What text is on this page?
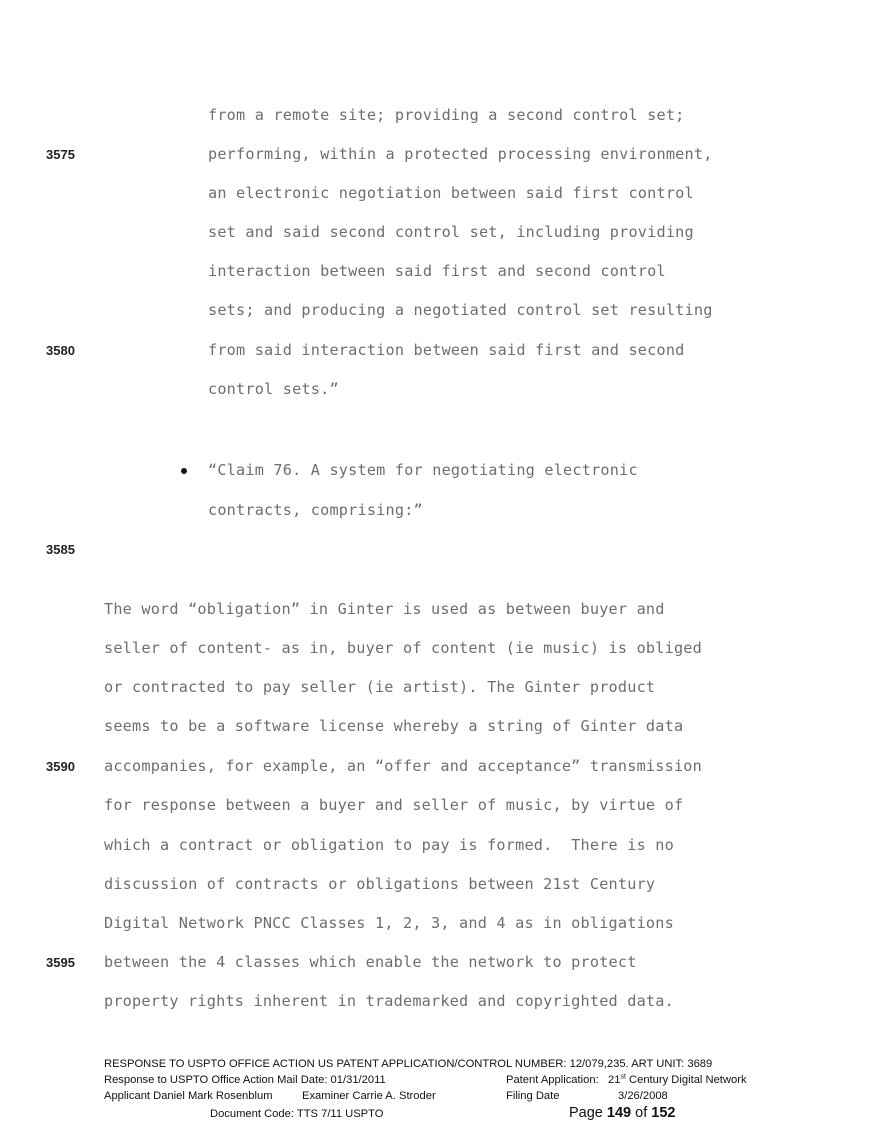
from a remote site; providing a second control set;
performing, within a protected processing environment,
an electronic negotiation between said first control
set and said second control set, including providing
interaction between said first and second control
sets; and producing a negotiated control set resulting
from said interaction between said first and second
control sets.”
“Claim 76. A system for negotiating electronic
contracts, comprising:”
The word “obligation” in Ginter is used as between buyer and
seller of content- as in, buyer of content (ie music) is obliged
or contracted to pay seller (ie artist). The Ginter product
seems to be a software license whereby a string of Ginter data
accompanies, for example, an “offer and acceptance” transmission
for response between a buyer and seller of music, by virtue of
which a contract or obligation to pay is formed.  There is no
discussion of contracts or obligations between 21st Century
Digital Network PNCC Classes 1, 2, 3, and 4 as in obligations
between the 4 classes which enable the network to protect
property rights inherent in trademarked and copyrighted data.
3575
3580
3585
3590
3595
RESPONSE TO USPTO OFFICE ACTION US PATENT APPLICATION/CONTROL NUMBER: 12/079,235. ART UNIT: 3689
Response to USPTO Office Action Mail Date: 01/31/2011	Patent Application: 21st Century Digital Network
Applicant Daniel Mark Rosenblum	Examiner Carrie A. Stroder	Filing Date	3/26/2008
Document Code: TTS 7/11 USPTO	Page 149 of 152
